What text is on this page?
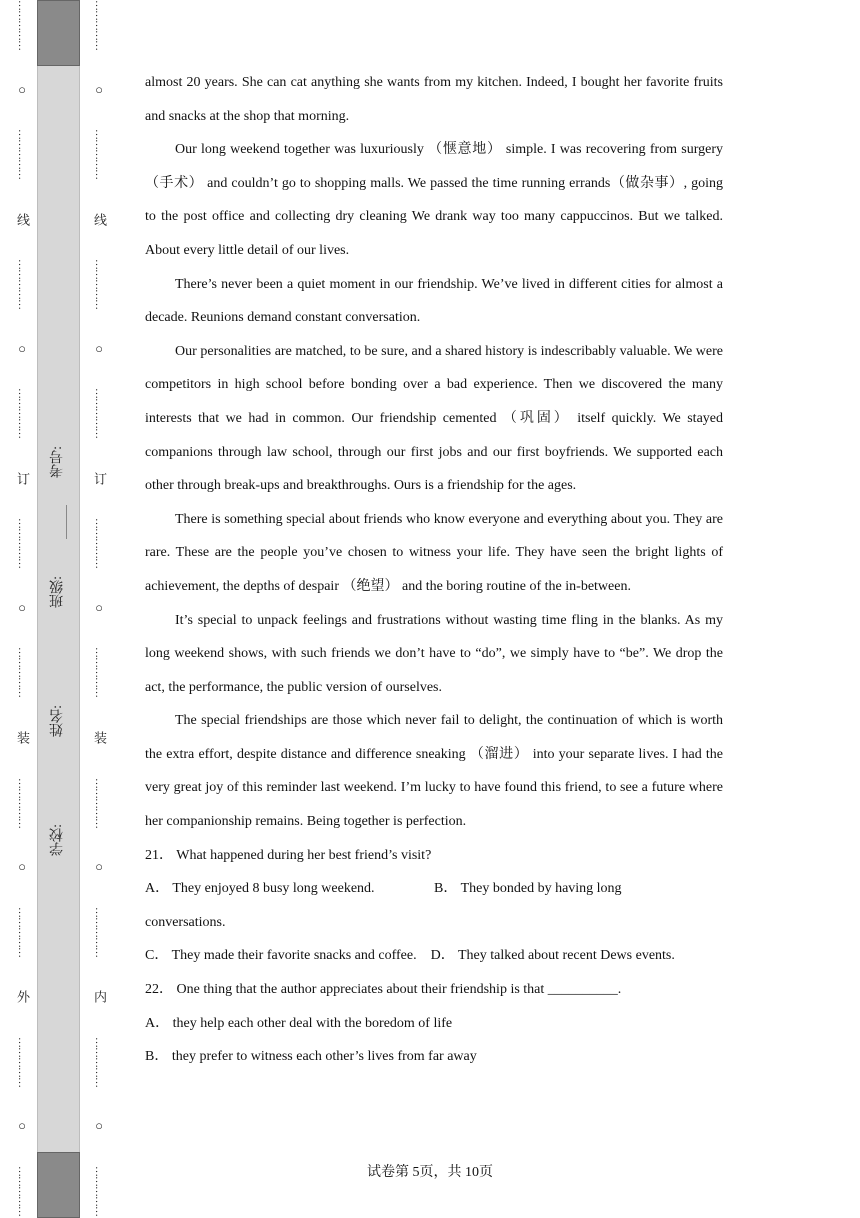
……………
○
……………
线
……………
○
……………
订
……………
○
……………
装
……………
○
……………
外
……………
○
……………
……………
○
……………
线
……………
○
……………
订
……………
○
……………
装
……………
○
……………
内
……………
○
……………
考号:
班级:
姓名:
学校:

almost 20 years. She can cat anything she wants from my kitchen. Indeed, I bought her favorite fruits and snacks at the shop that morning.

Our long weekend together was luxuriously （惬意地） simple. I was recovering from surgery（手术） and couldn’t go to shopping malls. We passed the time running errands（做杂事）, going to the post office and collecting dry cleaning We drank way too many cappuccinos. But we talked. About every little detail of our lives.

There’s never been a quiet moment in our friendship. We’ve lived in different cities for almost a decade. Reunions demand constant conversation.

Our personalities are matched, to be sure, and a shared history is indescribably valuable. We were competitors in high school before bonding over a bad experience. Then we discovered the many interests that we had in common. Our friendship cemented （巩固） itself quickly. We stayed companions through law school, through our first jobs and our first boyfriends. We supported each other through break-ups and breakthroughs. Ours is a friendship for the ages.

There is something special about friends who know everyone and everything about you. They are rare. These are the people you’ve chosen to witness your life. They have seen the bright lights of achievement, the depths of despair （绝望） and the boring routine of the in-between.

It’s special to unpack feelings and frustrations without wasting time fling in the blanks. As my long weekend shows, with such friends we don’t have to “do”, we simply have to “be”. We drop the act, the performance, the public version of ourselves.

The special friendships are those which never fail to delight, the continuation of which is worth the extra effort, despite distance and difference sneaking （溜进） into your separate lives. I had the very great joy of this reminder last weekend. I’m lucky to have found this friend, to see a future where her companionship remains. Being together is perfection.

21． What happened during her best friend’s visit?

A． They enjoyed 8 busy long weekend.	B． They bonded by having long
conversations.
C． They made their favorite snacks and coffee. D． They talked about recent Dews events.

22． One thing that the author appreciates about their friendship is that __________.

A． they help each other deal with the boredom of life

B． they prefer to witness each other’s lives from far away

试卷第 5页，共 10页
